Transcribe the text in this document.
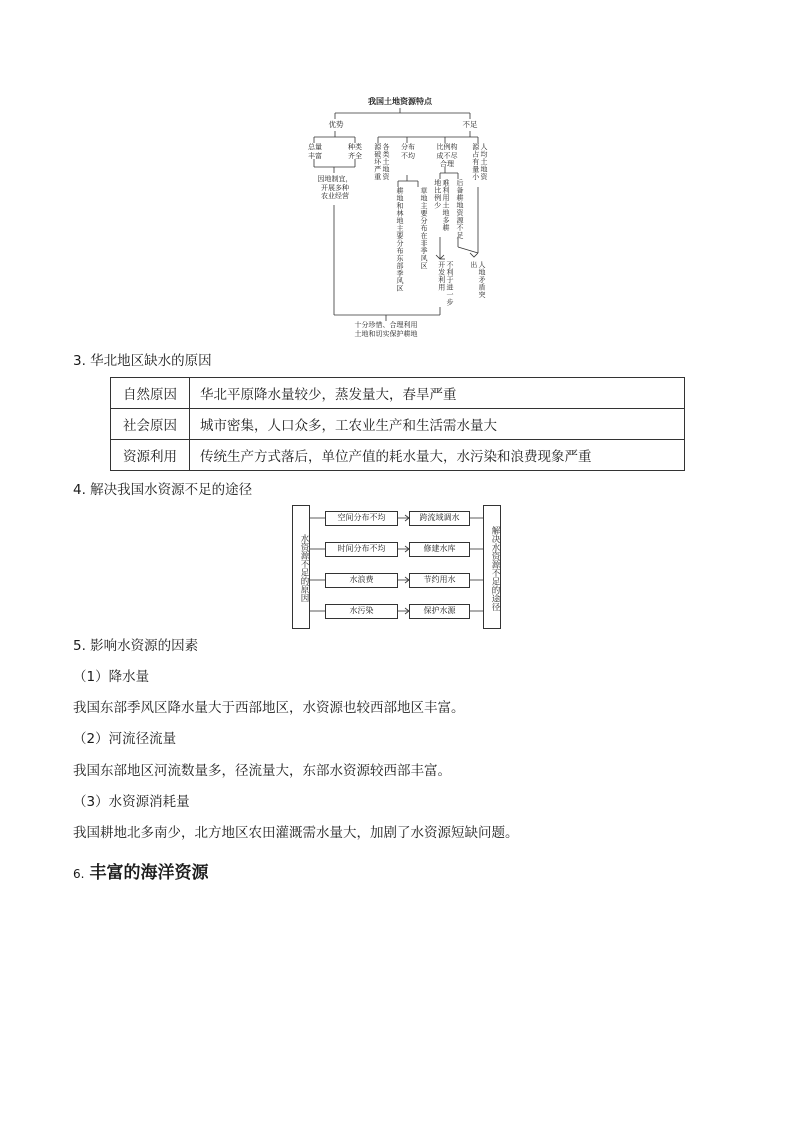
我国土地资源特点
优势	不足
总量
丰富
种类
齐全
因地制宜，
开展多种
农业经营
各类土地资源破坏严重	分布
不均
比例构
成不尽
合理	人均土地资源占有量小
耕地和林地主要分布东部季风区	草地主要分布在非季风区	难利用土地多耕地比例少	后备耕地资源不足
不利于进一步开发利用	人地矛盾突出
十分珍惜、合理利用
土地和切实保护耕地
3. 华北地区缺水的原因
自然原因	华北平原降水量较少，蒸发量大，春旱严重
社会原因	城市密集，人口众多，工农业生产和生活需水量大
资源利用	传统生产方式落后，单位产值的耗水量大，水污染和浪费现象严重
4. 解决我国水资源不足的途径
水资源不足的原因	解决水资源不足的途径
空间分布不均
时间分布不均
水浪费
水污染
跨流域调水
修建水库
节约用水
保护水源
5. 影响水资源的因素
（1）降水量
我国东部季风区降水量大于西部地区，水资源也较西部地区丰富。
（2）河流径流量
我国东部地区河流数量多，径流量大，东部水资源较西部丰富。
（3）水资源消耗量
我国耕地北多南少，北方地区农田灌溉需水量大，加剧了水资源短缺问题。
6. 丰富的海洋资源
